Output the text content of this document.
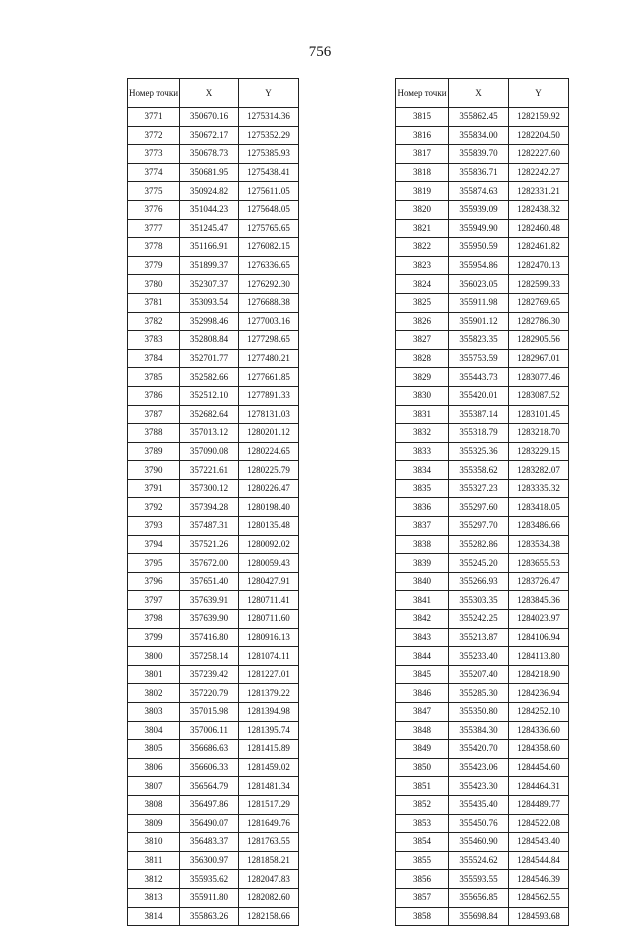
756
Номер точки	X	Y
3771	350670.16	1275314.36
3772	350672.17	1275352.29
3773	350678.73	1275385.93
3774	350681.95	1275438.41
3775	350924.82	1275611.05
3776	351044.23	1275648.05
3777	351245.47	1275765.65
3778	351166.91	1276082.15
3779	351899.37	1276336.65
3780	352307.37	1276292.30
3781	353093.54	1276688.38
3782	352998.46	1277003.16
3783	352808.84	1277298.65
3784	352701.77	1277480.21
3785	352582.66	1277661.85
3786	352512.10	1277891.33
3787	352682.64	1278131.03
3788	357013.12	1280201.12
3789	357090.08	1280224.65
3790	357221.61	1280225.79
3791	357300.12	1280226.47
3792	357394.28	1280198.40
3793	357487.31	1280135.48
3794	357521.26	1280092.02
3795	357672.00	1280059.43
3796	357651.40	1280427.91
3797	357639.91	1280711.41
3798	357639.90	1280711.60
3799	357416.80	1280916.13
3800	357258.14	1281074.11
3801	357239.42	1281227.01
3802	357220.79	1281379.22
3803	357015.98	1281394.98
3804	357006.11	1281395.74
3805	356686.63	1281415.89
3806	356606.33	1281459.02
3807	356564.79	1281481.34
3808	356497.86	1281517.29
3809	356490.07	1281649.76
3810	356483.37	1281763.55
3811	356300.97	1281858.21
3812	355935.62	1282047.83
3813	355911.80	1282082.60
3814	355863.26	1282158.66
Номер точки	X	Y
3815	355862.45	1282159.92
3816	355834.00	1282204.50
3817	355839.70	1282227.60
3818	355836.71	1282242.27
3819	355874.63	1282331.21
3820	355939.09	1282438.32
3821	355949.90	1282460.48
3822	355950.59	1282461.82
3823	355954.86	1282470.13
3824	356023.05	1282599.33
3825	355911.98	1282769.65
3826	355901.12	1282786.30
3827	355823.35	1282905.56
3828	355753.59	1282967.01
3829	355443.73	1283077.46
3830	355420.01	1283087.52
3831	355387.14	1283101.45
3832	355318.79	1283218.70
3833	355325.36	1283229.15
3834	355358.62	1283282.07
3835	355327.23	1283335.32
3836	355297.60	1283418.05
3837	355297.70	1283486.66
3838	355282.86	1283534.38
3839	355245.20	1283655.53
3840	355266.93	1283726.47
3841	355303.35	1283845.36
3842	355242.25	1284023.97
3843	355213.87	1284106.94
3844	355233.40	1284113.80
3845	355207.40	1284218.90
3846	355285.30	1284236.94
3847	355350.80	1284252.10
3848	355384.30	1284336.60
3849	355420.70	1284358.60
3850	355423.06	1284454.60
3851	355423.30	1284464.31
3852	355435.40	1284489.77
3853	355450.76	1284522.08
3854	355460.90	1284543.40
3855	355524.62	1284544.84
3856	355593.55	1284546.39
3857	355656.85	1284562.55
3858	355698.84	1284593.68
